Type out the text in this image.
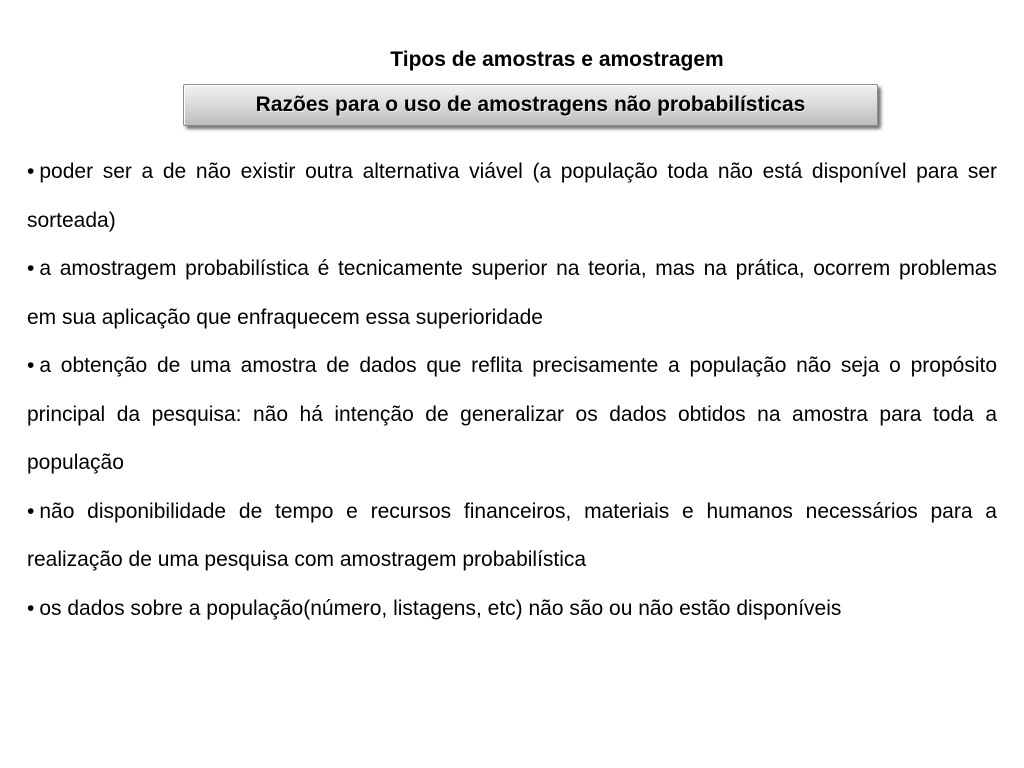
Tipos de amostras e amostragem
Razões para o uso de amostragens não probabilísticas

• poder ser a de não existir outra alternativa viável (a população toda não está disponível para ser sorteada)

• a amostragem probabilística é tecnicamente superior na teoria, mas na prática, ocorrem problemas em sua aplicação que enfraquecem essa superioridade

• a obtenção de uma amostra de dados que reflita precisamente a população não seja o propósito principal da pesquisa: não há intenção de generalizar os dados obtidos na amostra para toda a população

• não disponibilidade de tempo e recursos financeiros, materiais e humanos necessários para a realização de uma pesquisa com amostragem probabilística

• os dados sobre a população(número, listagens, etc) não são ou não estão disponíveis
